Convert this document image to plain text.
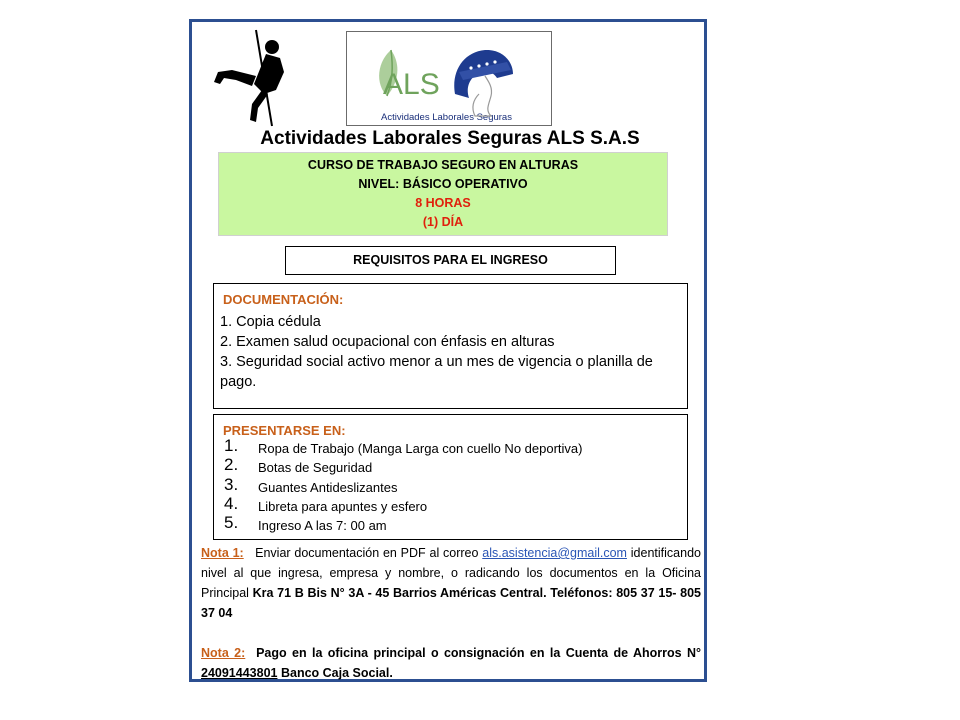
ALS
Actividades Laborales Seguras
Actividades Laborales Seguras ALS S.A.S
CURSO DE TRABAJO SEGURO EN ALTURAS
NIVEL: BÁSICO OPERATIVO
8 HORAS
(1) DÍA
REQUISITOS PARA EL INGRESO
DOCUMENTACIÓN:
1. Copia cédula
2. Examen salud ocupacional con énfasis en alturas
3. Seguridad social activo menor a un mes de vigencia o planilla de pago.
PRESENTARSE EN:
1. Ropa de Trabajo (Manga Larga con cuello No deportiva)
2. Botas de Seguridad
3. Guantes Antideslizantes
4. Libreta para apuntes y esfero
5. Ingreso A las 7: 00 am
Nota 1: Enviar documentación en PDF al correo als.asistencia@gmail.com identificando nivel al que ingresa, empresa y nombre, o radicando los documentos en la Oficina Principal Kra 71 B Bis N° 3A - 45 Barrios Américas Central. Teléfonos: 805 37 15- 805 37 04
Nota 2: Pago en la oficina principal o consignación en la Cuenta de Ahorros N° 24091443801 Banco Caja Social.
